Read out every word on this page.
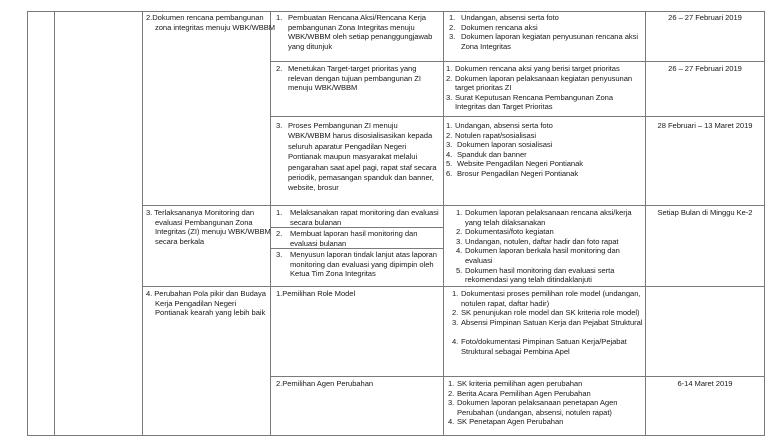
2.Dokumen rencana pembangunan zona integritas menuju WBK/WBBM
1. Pembuatan Rencana Aksi/Rencana Kerja pembangunan Zona Integritas menuju WBK/WBBM oleh setiap penanggungjawab yang ditunjuk
1. Undangan, absensi serta foto
2. Dokumen rencana aksi
3. Dokumen laporan kegiatan penyusunan rencana aksi Zona Integritas
26 – 27 Februari 2019
2. Menetukan Target-target prioritas yang relevan dengan tujuan pembangunan ZI menuju WBK/WBBM
1. Dokumen rencana aksi yang berisi target prioritas
2. Dokumen laporan pelaksanaan kegiatan penyusunan target prioritas ZI
3. Surat Keputusan Rencana Pembangunan Zona Integritas dan Target Prioritas
26 – 27 Februari 2019
3. Proses Pembangunan ZI menuju WBK/WBBM harus disosialisasikan kepada seluruh aparatur Pengadilan Negeri Pontianak maupun masyarakat melalui pengarahan saat apel pagi, rapat staf secara periodik, pemasangan spanduk dan banner, website, brosur
1. Undangan, absensi serta foto
2. Notulen rapat/sosialisasi
3. Dokumen laporan sosialisasi
4. Spanduk dan banner
5. Website Pengadilan Negeri Pontianak
6. Brosur Pengadilan Negeri Pontianak
28 Februari – 13 Maret 2019
3. Terlaksananya Monitoring dan evaluasi Pembangunan Zona Integritas (ZI) menuju WBK/WBBM secara berkala
1. Melaksanakan rapat monitoring dan evaluasi secara bulanan
2. Membuat laporan hasil monitoring dan evaluasi bulanan
3. Menyusun laporan tindak lanjut atas laporan monitoring dan evaluasi yang dipimpin oleh Ketua Tim Zona Integritas
1. Dokumen laporan pelaksanaan rencana aksi/kerja yang telah dilaksanakan
2. Dokumentasi/foto kegiatan
3. Undangan, notulen, daftar hadir dan foto rapat
4. Dokumen laporan berkala hasil monitoring dan evaluasi
5. Dokumen hasil monitoring dan evaluasi serta rekomendasi yang telah ditindaklanjuti
Setiap Bulan di Minggu Ke-2
4. Perubahan Pola pikir dan Budaya Kerja Pengadilan Negeri Pontianak kearah yang lebih baik
1.Pemilihan Role Model	1. Dokumentasi proses pemilihan role model (undangan, notulen rapat, daftar hadir)
2. SK penunjukan role model dan SK kriteria role model)
3. Absensi Pimpinan Satuan Kerja dan Pejabat Struktural
4. Foto/dokumentasi Pimpinan Satuan Kerja/Pejabat Struktural sebagai Pembina Apel
2.Pemilihan Agen Perubahan	1. SK kriteria pemilihan agen perubahan
2. Berita Acara Pemilihan Agen Perubahan
3. Dokumen laporan pelaksanaan penetapan Agen Perubahan (undangan, absensi, notulen rapat)
4. SK Penetapan Agen Perubahan
6-14 Maret 2019
